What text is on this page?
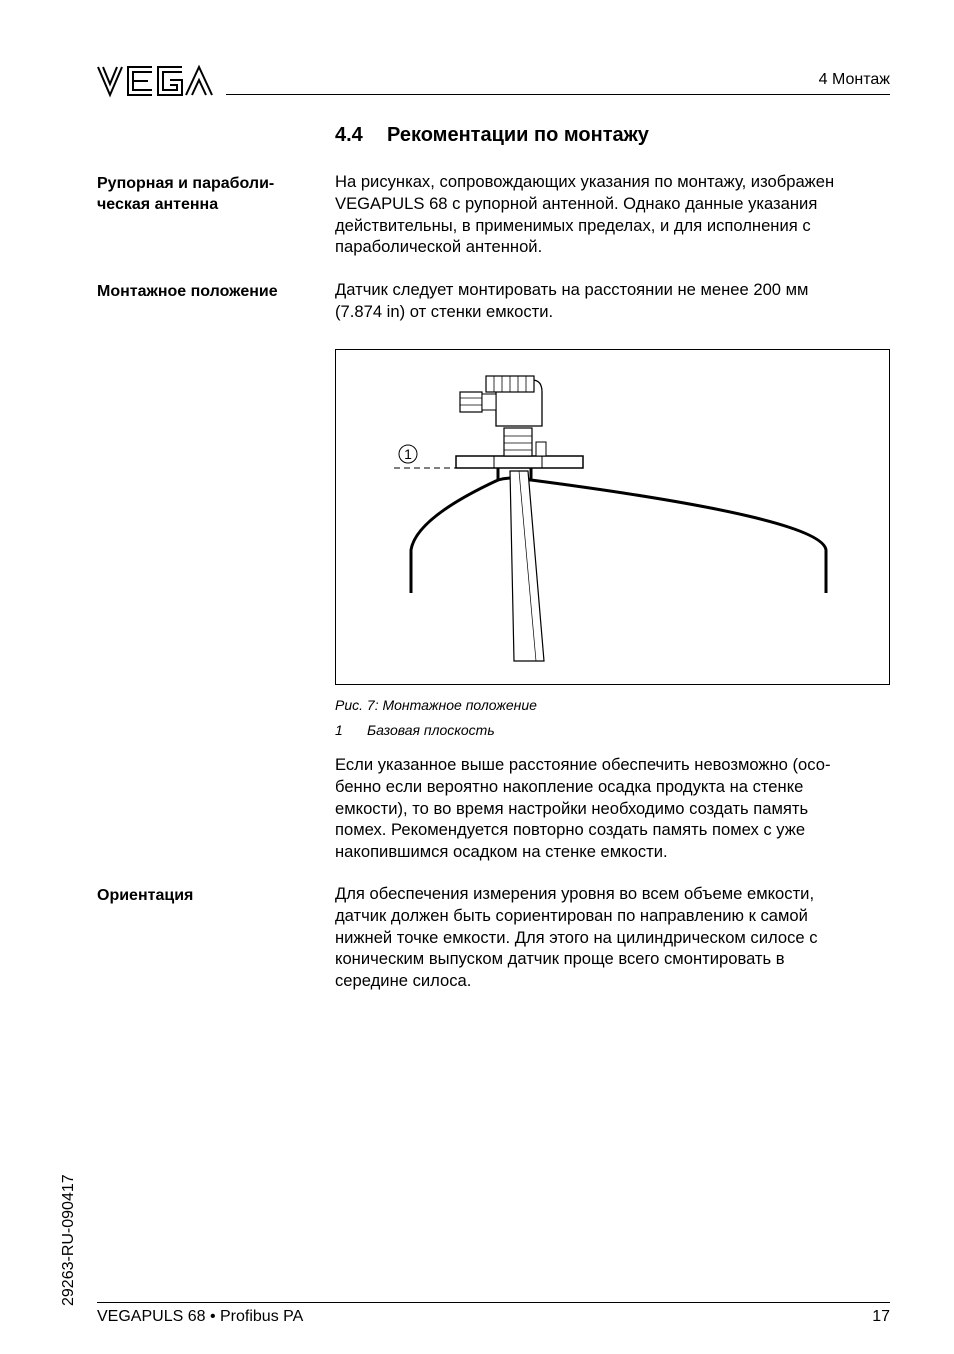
4 Монтаж
4.4 Рекоментации по монтажу
Рупорная и парaболи-
ческая антенна
На рисунках, сопровождающих указания по монтажу, изображен
VEGAPULS 68 с рупорной антенной. Однако данные указания
действительны, в применимых пределах, и для исполнения с
параболической антенной.
Монтажное положение	Датчик следует монтировать на расстоянии не менее 200 мм
(7.874 in) от стенки емкости.
1
Рис. 7: Монтажное положение
1 Базовая плоскость
Если указанное выше расстояние обеспечить невозможно (осо-
бенно если вероятно накопление осадка продукта на стенке
емкости), то во время настройки необходимо создать память
помех. Рекомендуется повторно создать память помех с уже
накопившимся осадком на стенке емкости.
Ориентация	Для обеспечения измерения уровня во всем объеме емкости,
датчик должен быть сориентирован по направлению к самой
нижней точке емкости. Для этого на цилиндрическом силосе с
коническим выпуском датчик проще всего смонтировать в
середине силоса.
29263-RU-090417
VEGAPULS 68 • Profibus PA	17
